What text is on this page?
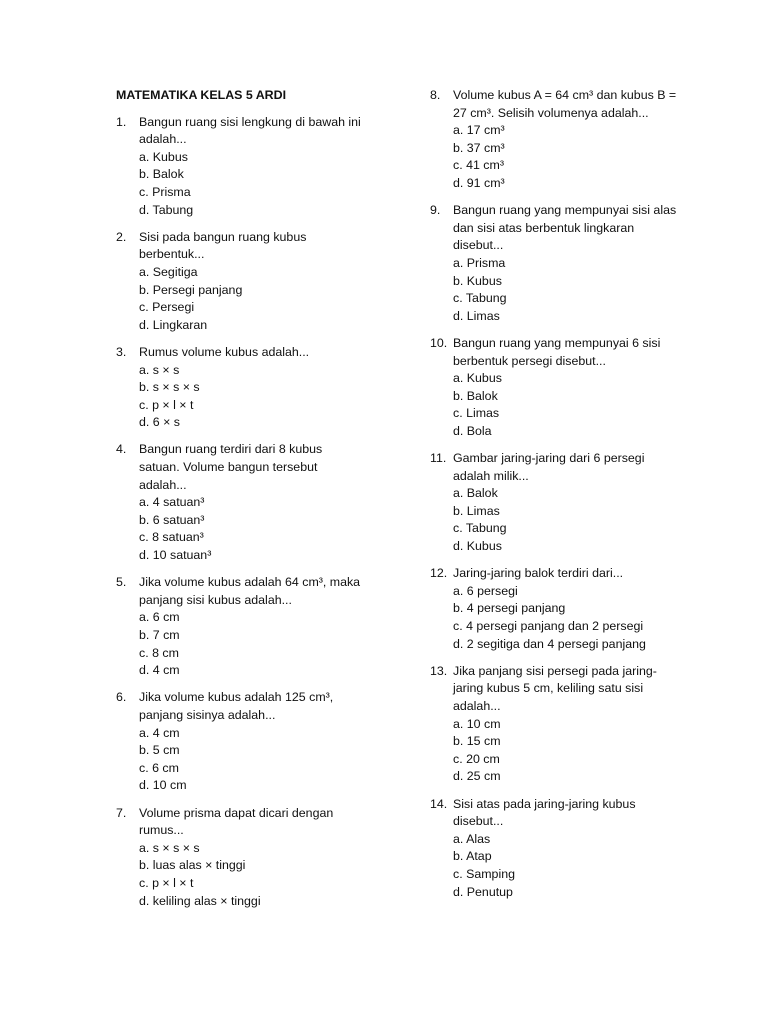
MATEMATIKA KELAS 5 ARDI
1.	Bangun ruang sisi lengkung di bawah ini adalah...
a. Kubus
b. Balok
c. Prisma
d. Tabung
2.	Sisi pada bangun ruang kubus berbentuk...
a. Segitiga
b. Persegi panjang
c. Persegi
d. Lingkaran
3.	Rumus volume kubus adalah...
a. s × s
b. s × s × s
c. p × l × t
d. 6 × s
4.	Bangun ruang terdiri dari 8 kubus satuan. Volume bangun tersebut adalah...
a. 4 satuan³
b. 6 satuan³
c. 8 satuan³
d. 10 satuan³
5.	Jika volume kubus adalah 64 cm³, maka panjang sisi kubus adalah...
a. 6 cm
b. 7 cm
c. 8 cm
d. 4 cm
6.	Jika volume kubus adalah 125 cm³, panjang sisinya adalah...
a. 4 cm
b. 5 cm
c. 6 cm
d. 10 cm
7.	Volume prisma dapat dicari dengan rumus...
a. s × s × s
b. luas alas × tinggi
c. p × l × t
d. keliling alas × tinggi
8.	Volume kubus A = 64 cm³ dan kubus B = 27 cm³. Selisih volumenya adalah...
a. 17 cm³
b. 37 cm³
c. 41 cm³
d. 91 cm³
9.	Bangun ruang yang mempunyai sisi alas dan sisi atas berbentuk lingkaran disebut...
a. Prisma
b. Kubus
c. Tabung
d. Limas
10. Bangun ruang yang mempunyai 6 sisi berbentuk persegi disebut...
a. Kubus
b. Balok
c. Limas
d. Bola
11. Gambar jaring-jaring dari 6 persegi adalah milik...
a. Balok
b. Limas
c. Tabung
d. Kubus
12. Jaring-jaring balok terdiri dari...
a. 6 persegi
b. 4 persegi panjang
c. 4 persegi panjang dan 2 persegi
d. 2 segitiga dan 4 persegi panjang
13. Jika panjang sisi persegi pada jaring-jaring kubus 5 cm, keliling satu sisi adalah...
a. 10 cm
b. 15 cm
c. 20 cm
d. 25 cm
14. Sisi atas pada jaring-jaring kubus disebut...
a. Alas
b. Atap
c. Samping
d. Penutup
